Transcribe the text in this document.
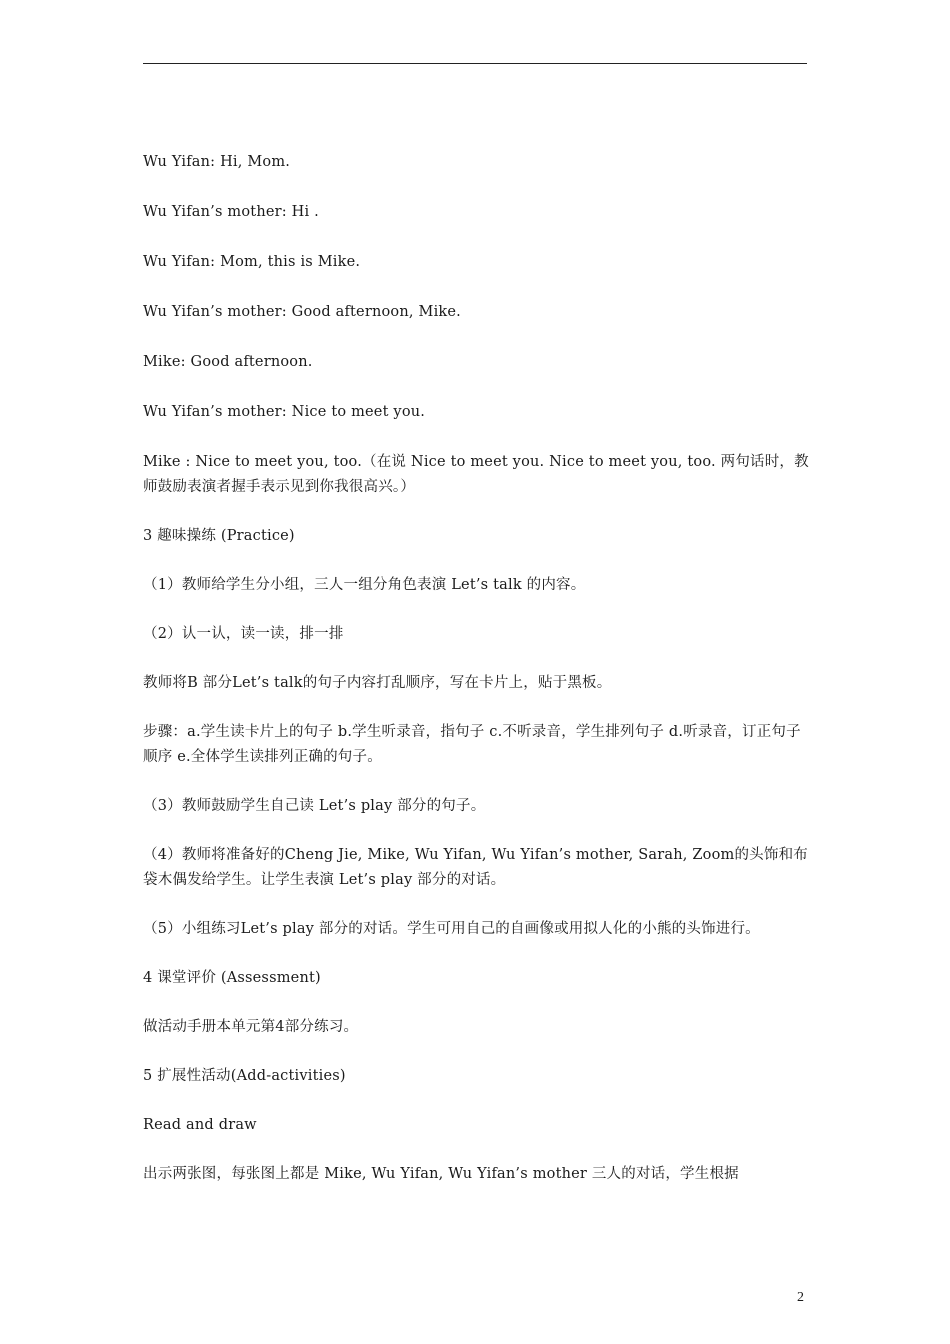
Wu Yifan: Hi, Mom.

Wu Yifan’s mother: Hi .

Wu Yifan: Mom, this is Mike.

Wu Yifan’s mother: Good afternoon, Mike.

Mike: Good afternoon.

Wu Yifan’s mother: Nice to meet you.

Mike : Nice to meet you, too.（在说 Nice to meet you. Nice to meet you, too. 两句话时，教师鼓励表演者握手表示见到你我很高兴。）

3 趣味操练 (Practice)

（1）教师给学生分小组，三人一组分角色表演 Let’s talk 的内容。

（2）认一认，读一读，排一排

教师将B 部分Let’s talk的句子内容打乱顺序，写在卡片上，贴于黑板。

步骤：a.学生读卡片上的句子 b.学生听录音，指句子 c.不听录音，学生排列句子 d.听录音，订正句子顺序 e.全体学生读排列正确的句子。

（3）教师鼓励学生自己读 Let’s play 部分的句子。

（4）教师将准备好的Cheng Jie, Mike, Wu Yifan, Wu Yifan’s mother, Sarah, Zoom的头饰和布 袋木偶发给学生。让学生表演 Let’s play 部分的对话。

（5）小组练习Let’s play 部分的对话。学生可用自己的自画像或用拟人化的小熊的头饰进行。

4 课堂评价 (Assessment)

做活动手册本单元第4部分练习。

5 扩展性活动(Add-activities)

Read and draw

出示两张图，每张图上都是 Mike, Wu Yifan, Wu Yifan’s mother 三人的对话，学生根据

2
